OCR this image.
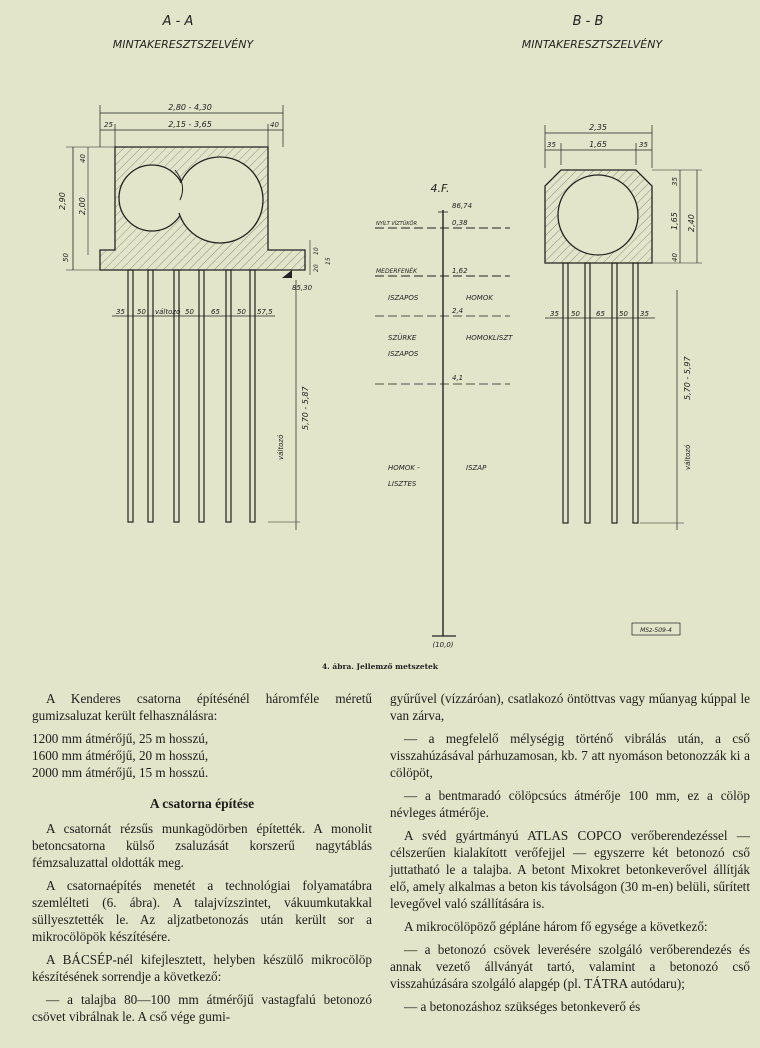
A - A
MINTAKERESZTSZELVÉNY
B - B
MINTAKERESZTSZELVÉNY
2,80 - 4,30
25	2,15 - 3,65	40
2,90
40
2,00
50
10
20
15
85,30
35 50 változó 50 65 50 57,5
5,70 - 5,87
változó
4.F.
86,74
NYÍLT VÍZTÜKÖR	0,38
MEDERFENÉK	1,62
ISZAPOS	HOMOK
2,4
SZÜRKE
ISZAPOS
HOMOKLISZT
4,1
HOMOK -
LISZTES
ISZAP
(10,0)
2,35
35	1,65	35
35
1,65 2,40
40
35 50 65 50 35
5,70 - 5,97
változó
MSz-509-4
4. ábra. Jellemző metszetek

A Kenderes csatorna építésénél háromféle méretű gumizsaluzat került felhasználásra:

1200 mm átmérőjű, 25 m hosszú,
1600 mm átmérőjű, 20 m hosszú,
2000 mm átmérőjű, 15 m hosszú.
A csatorna építése

A csatornát rézsűs munkagödörben építették. A monolit betoncsatorna külső zsaluzását korszerű nagytáblás fémzsaluzattal oldották meg.

A csatornaépítés menetét a technológiai folyamatábra szemlélteti (6. ábra). A talajvízszintet, vákuumkutakkal süllyesztették le. Az aljzatbetonozás után került sor a mikrocölöpök készítésére.

A BÁCSÉP-nél kifejlesztett, helyben készülő mikrocölöp készítésének sorrendje a következő:

— a talajba 80—100 mm átmérőjű vastagfalú betonozó csövet vibrálnak le. A cső vége gumi-

gyűrűvel (vízzáróan), csatlakozó öntöttvas vagy műanyag kúppal le van zárva,

— a megfelelő mélységig történő vibrálás után, a cső visszahúzásával párhuzamosan, kb. 7 att nyomáson betonozzák ki a cölöpöt,

— a bentmaradó cölöpcsúcs átmérője 100 mm, ez a cölöp névleges átmérője.

A svéd gyártmányú ATLAS COPCO verőberendezéssel — célszerűen kialakított verőfejjel — egyszerre két betonozó cső juttatható le a talajba. A betont Mixokret betonkeverővel állítják elő, amely alkalmas a beton kis távolságon (30 m-en) belüli, sűrített levegővel való szállítására is.

A mikrocölöpöző gépláne három fő egysége a következő:

— a betonozó csövek leverésére szolgáló verőberendezés és annak vezető állványát tartó, valamint a betonozó cső visszahúzására szolgáló alapgép (pl. TÁTRA autódaru);

— a betonozáshoz szükséges betonkeverő és
